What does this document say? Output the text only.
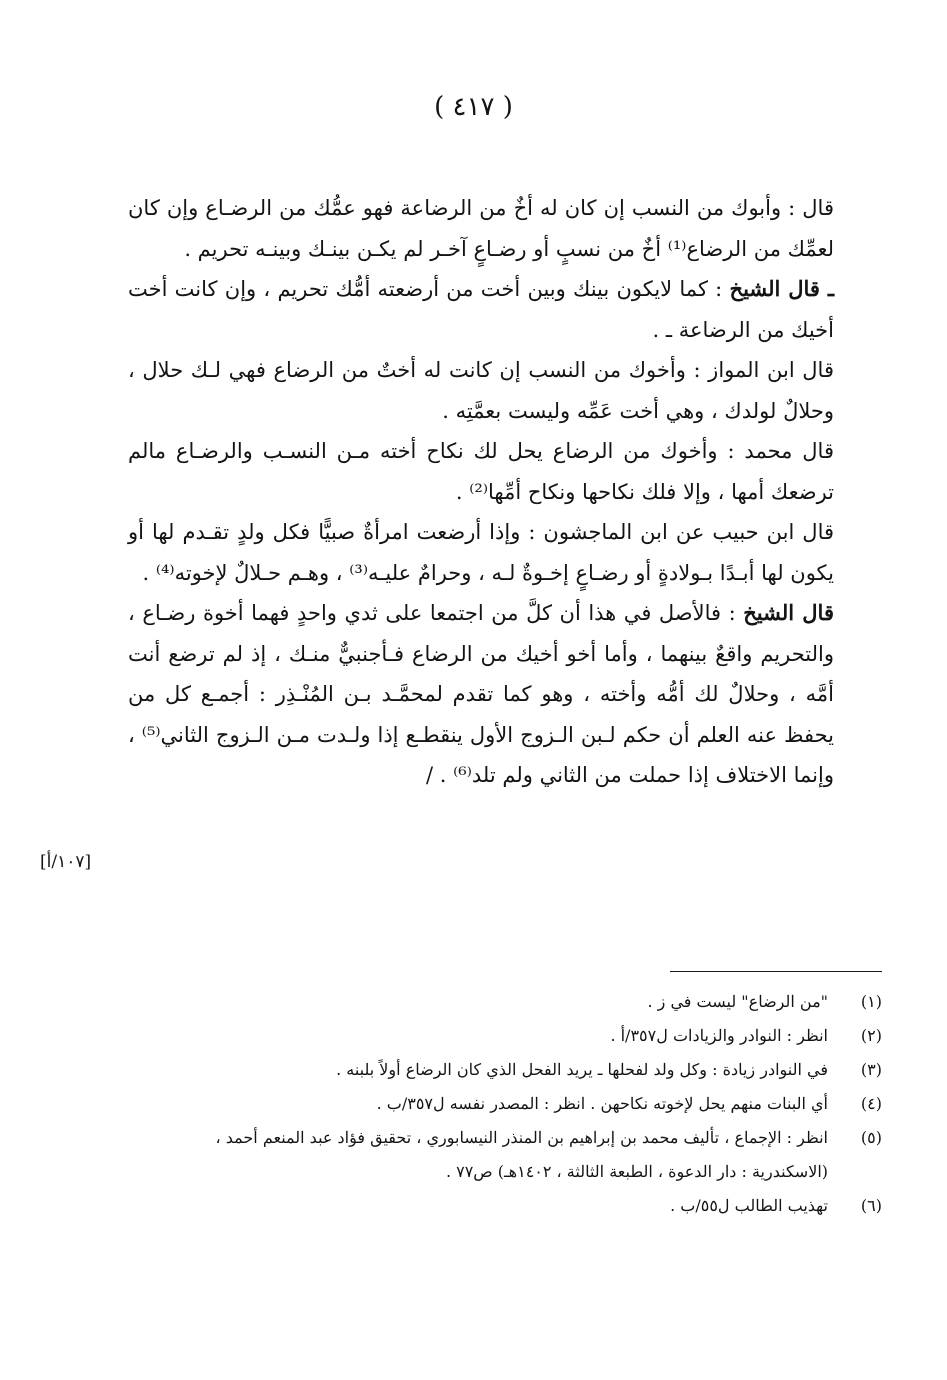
( ٤١٧ )

قال : وأبوك من النسب إن كان له أخٌ من الرضاعة فهو عمُّك من الرضـاع وإن كان لعمِّك من الرضاع⁽¹⁾ أخٌ من نسبٍ أو رضـاعٍ آخـر لم يكـن بينـك وبينـه تحريم .

ـ قال الشيخ : كما لايكون بينك وبين أخت من أرضعته أمُّك تحريم ، وإن كانت أخت أخيك من الرضاعة ـ .

قال ابن المواز : وأخوك من النسب إن كانت له أختٌ من الرضاع فهي لـك حلال ، وحلالٌ لولدك ، وهي أخت عَمِّه وليست بعمَّتِه .

قال محمد : وأخوك من الرضاع يحل لك نكاح أخته مـن النسـب والرضـاع مالم ترضعك أمها ، وإلا فلك نكاحها ونكاح أمِّها⁽²⁾ .

قال ابن حبيب عن ابن الماجشون : وإذا أرضعت امرأةٌ صبيًّا فكل ولدٍ تقـدم لها أو يكون لها أبـدًا بـولادةٍ أو رضـاعٍ إخـوةٌ لـه ، وحرامٌ عليـه⁽³⁾ ، وهـم حـلالٌ لإخوته⁽⁴⁾ .

قال الشيخ : فالأصل في هذا أن كلَّ من اجتمعا على ثدي واحدٍ فهما أخوة رضـاع ، والتحريم واقعٌ بينهما ، وأما أخو أخيك من الرضاع فـأجنبيٌّ منـك ، إذ لم ترضع أنت أمَّه ، وحلالٌ لك أمُّه وأخته ، وهو كما تقدم لمحمَّـد بـن المُنْـذِر : أجمـع كل من يحفظ عنه العلم أن حكم لـبن الـزوج الأول ينقطـع إذا ولـدت مـن الـزوج الثاني⁽⁵⁾ ، وإنما الاختلاف إذا حملت من الثاني ولم تلد⁽⁶⁾ . /

[١٠٧/أ]
(١)
"من الرضاع" ليست في ز .
(٢)
انظر : النوادر والزيادات ل٣٥٧/أ .
(٣)
في النوادر زيادة : وكل ولد لفحلها ـ يريد الفحل الذي كان الرضاع أولاً بلبنه .
(٤)
أي البنات منهم يحل لإخوته نكاحهن . انظر : المصدر نفسه ل٣٥٧/ب .
(٥)
انظر : الإجماع ، تأليف محمد بن إبراهيم بن المنذر النيسابوري ، تحقيق فؤاد عبد المنعم أحمد ، (الاسكندرية : دار الدعوة ، الطبعة الثالثة ، ١٤٠٢هـ) ص٧٧ .
(٦)
تهذيب الطالب ل٥٥/ب .
